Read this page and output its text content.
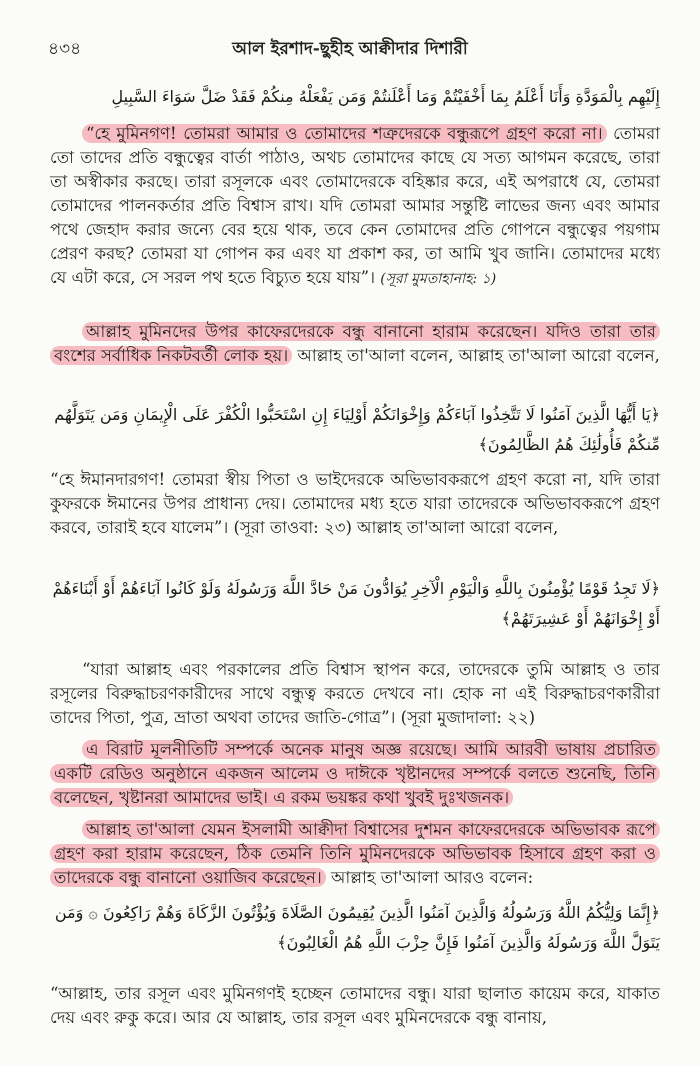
৪৩৪	আল ইরশাদ-ছুহীহ আক্বীদার দিশারী

إِلَيْهِم بِالْمَوَدَّةِ وَأَنَا أَعْلَمُ بِمَا أَخْفَيْتُمْ وَمَا أَعْلَنتُمْ وَمَن يَفْعَلْهُ مِنكُمْ فَقَدْ ضَلَّ سَوَاءَ السَّبِيلِ

“হে মুমিনগণ! তোমরা আমার ও তোমাদের শত্রুদেরকে বন্ধুরূপে গ্রহণ করো না। তোমরা তো তাদের প্রতি বন্ধুত্বের বার্তা পাঠাও, অথচ তোমাদের কাছে যে সত্য আগমন করেছে, তারা তা অস্বীকার করছে। তারা রসূলকে এবং তোমাদেরকে বহিষ্কার করে, এই অপরাধে যে, তোমরা তোমাদের পালনকর্তার প্রতি বিশ্বাস রাখ। যদি তোমরা আমার সন্তুষ্টি লাভের জন্য এবং আমার পথে জেহাদ করার জন্যে বের হয়ে থাক, তবে কেন তোমাদের প্রতি গোপনে বন্ধুত্বের পয়গাম প্রেরণ করছ? তোমরা যা গোপন কর এবং যা প্রকাশ কর, তা আমি খুব জানি। তোমাদের মধ্যে যে এটা করে, সে সরল পথ হতে বিচ্যুত হয়ে যায়”। (সূরা মুমতাহানাহ: ১)

আল্লাহ মুমিনদের উপর কাফেরদেরকে বন্ধু বানানো হারাম করেছেন। যদিও তারা তার বংশের সর্বাধিক নিকটবর্তী লোক হয়। আল্লাহ তা'আলা বলেন, আল্লাহ তা'আলা আরো বলেন,

﴿يَا أَيُّهَا الَّذِينَ آمَنُوا لَا تَتَّخِذُوا آبَاءَكُمْ وَإِخْوَانَكُمْ أَوْلِيَاءَ إِنِ اسْتَحَبُّوا الْكُفْرَ عَلَى الْإِيمَانِ وَمَن يَتَوَلَّهُم مِّنكُمْ فَأُولَٰئِكَ هُمُ الظَّالِمُونَ﴾

“হে ঈমানদারগণ! তোমরা স্বীয় পিতা ও ভাইদেরকে অভিভাবকরূপে গ্রহণ করো না, যদি তারা কুফরকে ঈমানের উপর প্রাধান্য দেয়। তোমাদের মধ্য হতে যারা তাদেরকে অভিভাবকরূপে গ্রহণ করবে, তারাই হবে যালেম”। (সূরা তাওবা: ২৩) আল্লাহ তা'আলা আরো বলেন,

﴿لَا تَجِدُ قَوْمًا يُؤْمِنُونَ بِاللَّهِ وَالْيَوْمِ الْآخِرِ يُوَادُّونَ مَنْ حَادَّ اللَّهَ وَرَسُولَهُ وَلَوْ كَانُوا آبَاءَهُمْ أَوْ أَبْنَاءَهُمْ أَوْ إِخْوَانَهُمْ أَوْ عَشِيرَتَهُمْ﴾

“যারা আল্লাহ এবং পরকালের প্রতি বিশ্বাস স্থাপন করে, তাদেরকে তুমি আল্লাহ ও তার রসূলের বিরুদ্ধাচরণকারীদের সাথে বন্ধুত্ব করতে দেখবে না। হোক না এই বিরুদ্ধাচরণকারীরা তাদের পিতা, পুত্র, ভ্রাতা অথবা তাদের জাতি-গোত্র”। (সূরা মুজাদালা: ২২)

এ বিরাট মূলনীতিটি সম্পর্কে অনেক মানুষ অজ্ঞ রয়েছে। আমি আরবী ভাষায় প্রচারিত একটি রেডিও অনুষ্ঠানে একজন আলেম ও দাঈকে খৃষ্টানদের সম্পর্কে বলতে শুনেছি, তিনি বলেছেন, খৃষ্টানরা আমাদের ভাই। এ রকম ভয়ঙ্কর কথা খুবই দুঃখজনক।

আল্লাহ তা'আলা যেমন ইসলামী আক্বীদা বিশ্বাসের দুশমন কাফেরদেরকে অভিভাবক রূপে গ্রহণ করা হারাম করেছেন, ঠিক তেমনি তিনি মুমিনদেরকে অভিভাবক হিসাবে গ্রহণ করা ও তাদেরকে বন্ধু বানানো ওয়াজিব করেছেন। আল্লাহ তা'আলা আরও বলেন:

﴿إِنَّمَا وَلِيُّكُمُ اللَّهُ وَرَسُولُهُ وَالَّذِينَ آمَنُوا الَّذِينَ يُقِيمُونَ الصَّلَاةَ وَيُؤْتُونَ الزَّكَاةَ وَهُمْ رَاكِعُونَ ۞ وَمَن يَتَوَلَّ اللَّهَ وَرَسُولَهُ وَالَّذِينَ آمَنُوا فَإِنَّ حِزْبَ اللَّهِ هُمُ الْغَالِبُونَ﴾

“আল্লাহ, তার রসূল এবং মুমিনগণই হচ্ছেন তোমাদের বন্ধু। যারা ছালাত কায়েম করে, যাকাত দেয় এবং রুকু করে। আর যে আল্লাহ, তার রসূল এবং মুমিনদেরকে বন্ধু বানায়,
